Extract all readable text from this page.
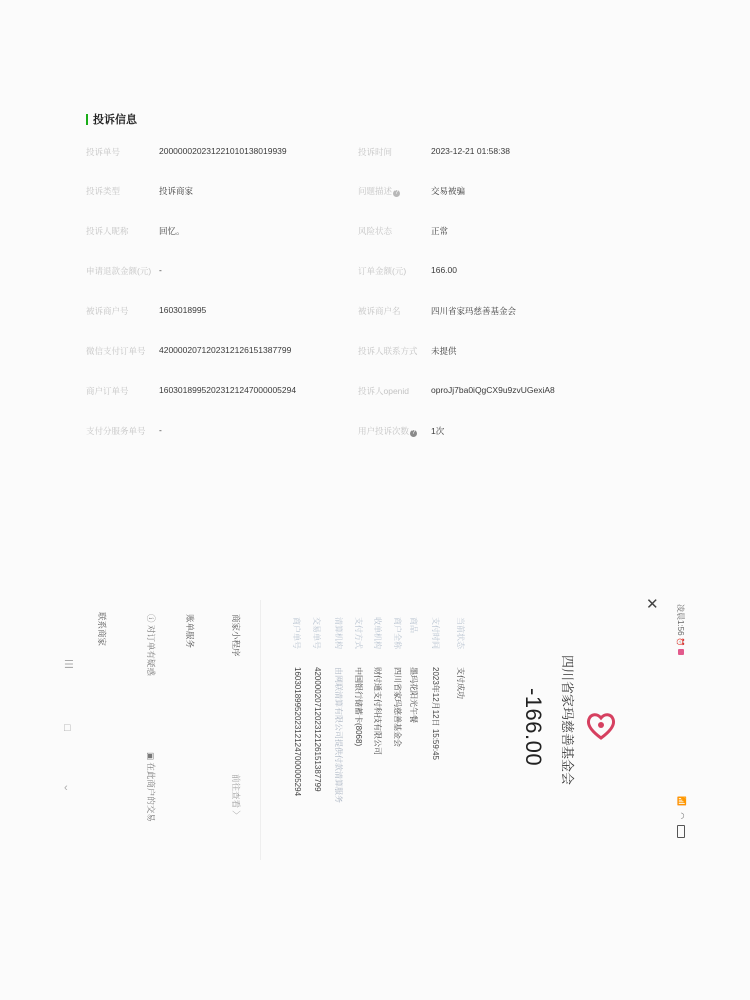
投诉信息
投诉单号	200000020231221010138019939	投诉时间	2023-12-21 01:58:38
投诉类型	投诉商家	问题描述 ?	交易被骗
投诉人昵称	回忆。	风险状态	正常
申请退款金额(元) -	订单金额(元)	166.00
被诉商户号	1603018995	被诉商户名	四川省家玛慈善基金会
微信支付订单号 4200002071202312126151387799	投诉人联系方式 未提供
商户订单号	16030189952023121247000005294	投诉人openid	oproJj7ba0iQgCX9u9zvUGexiA8
支付分服务单号 -	用户投诉次数 ? 1次
凌晨1:56 ⏰
📶 ◠
✕
四川省家玛慈善基金会
-166.00
当前状态
支付成功
支付时间
2023年12月12日 15:59:45
商品
墨玛花阳光午餐
商户全称
四川省家玛慈善基金会
收单机构
财付通支付科技有限公司
支付方式
中国银行储蓄卡(8068)
清算机构
由网联清算有限公司提供付款清算服务
交易单号
4200002071202312126151387799
商户单号
16030189952023121247000005294
商家小程序
前往查看 〉
账单服务
ⓘ 对订单有疑惑
▣ 在此商户的交易
联系商家
☰
□
‹
